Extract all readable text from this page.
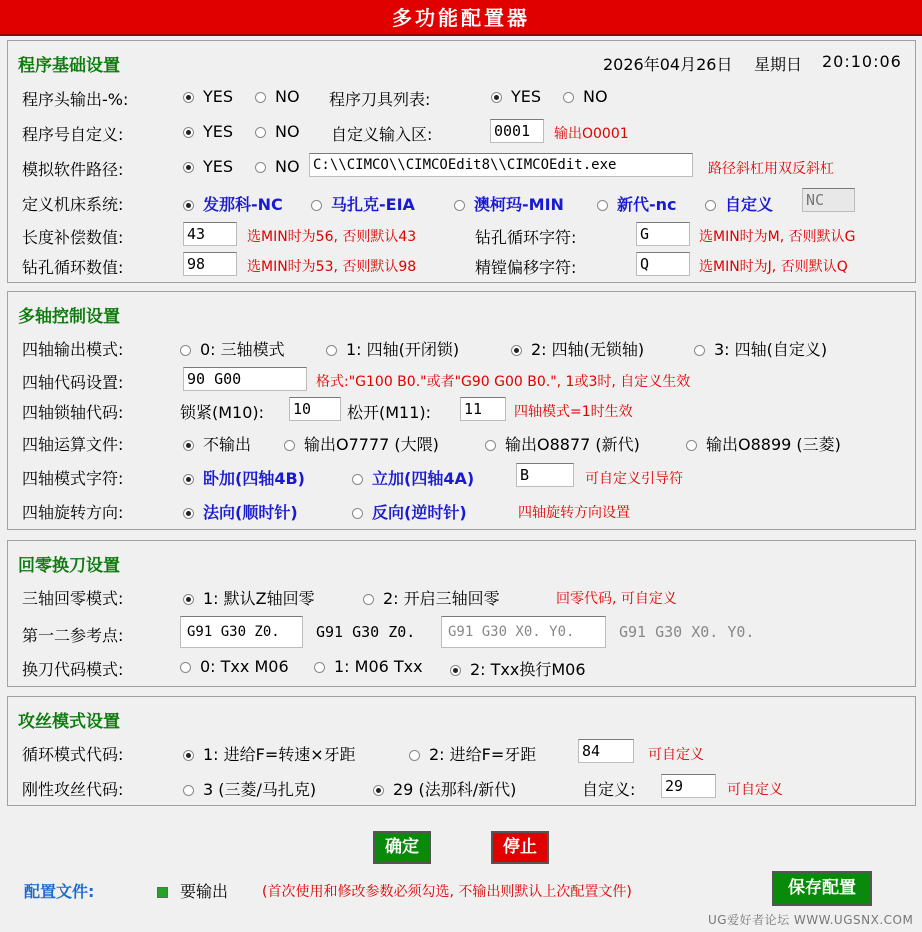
多功能配置器
程序基础设置	2026年04月26日 星期日 20:10:06
程序头输出-%:	YES	NO 程序刀具列表:	YES	NO
程序号自定义:	YES	NO 自定义输入区:	0001	输出O0001
模拟软件路径:	YES	NO C:\\CIMCO\\CIMCOEdit8\\CIMCOEdit.exe	路径斜杠用双反斜杠
定义机床系统:	发那科-NC	马扎克-EIA	澳柯玛-MIN	新代-nc	自定义 NC
长度补偿数值:	43	选MIN时为56, 否则默认43	钻孔循环字符:	G	选MIN时为M, 否则默认G
钻孔循环数值:	98	选MIN时为53, 否则默认98	精镗偏移字符:	Q	选MIN时为J, 否则默认Q
多轴控制设置
四轴输出模式:	0: 三轴模式	1: 四轴(开闭锁)	2: 四轴(无锁轴)	3: 四轴(自定义)
四轴代码设置:	90 G00	格式:"G100 B0."或者"G90 G00 B0.", 1或3时, 自定义生效
四轴锁轴代码:	锁紧(M10): 10	松开(M11): 11	四轴模式=1时生效
四轴运算文件:	不输出	输出O7777 (大隈)	输出O8877 (新代)	输出O8899 (三菱)
四轴模式字符:	卧加(四轴4B)	立加(四轴4A)	B	可自定义引导符
四轴旋转方向:	法向(顺时针)	反向(逆时针)	四轴旋转方向设置
回零换刀设置
三轴回零模式:	1: 默认Z轴回零	2: 开启三轴回零	回零代码, 可自定义
第一二参考点:	G91 G30 Z0.	G91 G30 Z0.	G91 G30 X0. Y0.	G91 G30 X0. Y0.
换刀代码模式:	0: Txx M06	1: M06 Txx	2: Txx换行M06
攻丝模式设置
循环模式代码:	1: 进给F=转速×牙距	2: 进给F=牙距	84	可自定义
刚性攻丝代码:	3 (三菱/马扎克)	29 (法那科/新代)	自定义: 29	可自定义
确定	停止
配置文件:	要输出 (首次使用和修改参数必须勾选, 不输出则默认上次配置文件)	保存配置
UG爱好者论坛 WWW.UGSNX.COM
